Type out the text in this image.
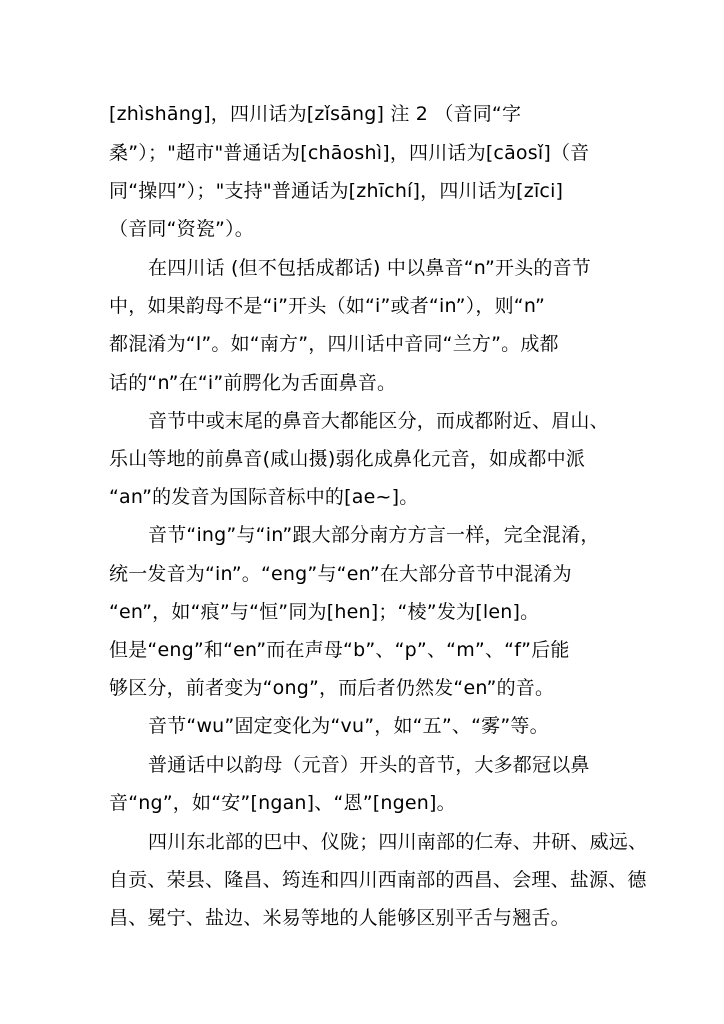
[zhìshāng]，四川话为[zǐsāng] 注 2 （音同“字
桑”）；"超市"普通话为[chāoshì]，四川话为[cāosǐ]（音
同“操四”）；"支持"普通话为[zhīchí]，四川话为[zīci]
（音同“资瓷”）。
在四川话 (但不包括成都话) 中以鼻音“n”开头的音节
中，如果韵母不是“i”开头（如“i”或者“in”），则“n”
都混淆为“l”。如“南方”，四川话中音同“兰方”。成都
话的“n”在“i”前腭化为舌面鼻音。
音节中或末尾的鼻音大都能区分，而成都附近、眉山、
乐山等地的前鼻音(咸山摄)弱化成鼻化元音，如成都中派
“an”的发音为国际音标中的[ae~]。
音节“ing”与“in”跟大部分南方方言一样，完全混淆，
统一发音为“in”。“eng”与“en”在大部分音节中混淆为
“en”，如“痕”与“恒”同为[hen]；“棱”发为[len]。
但是“eng”和“en”而在声母“b”、“p”、“m”、“f”后能
够区分，前者变为“ong”，而后者仍然发“en”的音。
音节“wu”固定变化为“vu”，如“五”、“雾”等。
普通话中以韵母（元音）开头的音节，大多都冠以鼻
音“ng”，如“安”[ngan]、“恩”[ngen]。
四川东北部的巴中、仪陇；四川南部的仁寿、井研、威远、
自贡、荣县、隆昌、筠连和四川西南部的西昌、会理、盐源、德
昌、冕宁、盐边、米易等地的人能够区别平舌与翘舌。
